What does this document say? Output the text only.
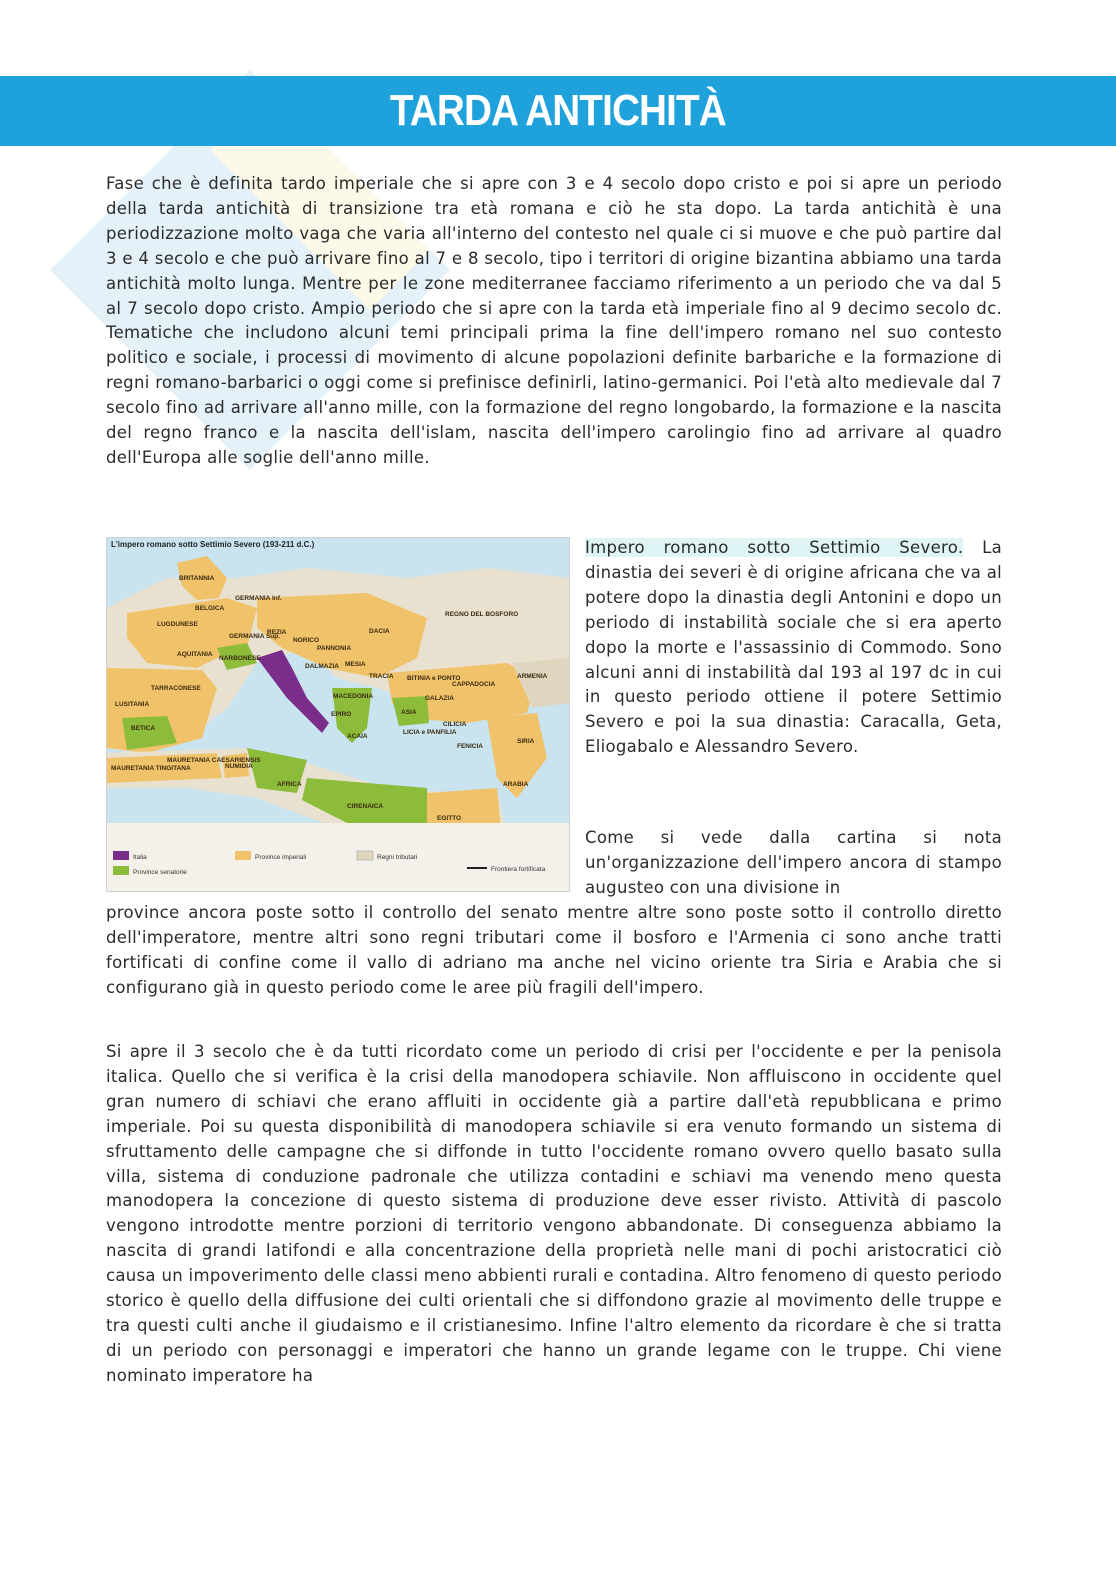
TARDA ANTICHITÀ

Fase che è definita tardo imperiale che si apre con 3 e 4 secolo dopo cristo e poi si apre un periodo della tarda antichità di transizione tra età romana e ciò he sta dopo. La tarda antichità è una periodizzazione molto vaga che varia all'interno del contesto nel quale ci si muove e che può partire dal 3 e 4 secolo e che può arrivare fino al 7 e 8 secolo, tipo i territori di origine bizantina abbiamo una tarda antichità molto lunga. Mentre per le zone mediterranee facciamo riferimento a un periodo che va dal 5 al 7 secolo dopo cristo. Ampio periodo che si apre con la tarda età imperiale fino al 9 decimo secolo dc. Tematiche che includono alcuni temi principali prima la fine dell'impero romano nel suo contesto politico e sociale, i processi di movimento di alcune popolazioni definite barbariche e la formazione di regni romano-barbarici o oggi come si prefinisce definirli, latino-germanici. Poi l'età alto medievale dal 7 secolo fino ad arrivare all'anno mille, con la formazione del regno longobardo, la formazione e la nascita del regno franco e la nascita dell'islam, nascita dell'impero carolingio fino ad arrivare al quadro dell'Europa alle soglie dell'anno mille.

Italia
Province senatorie
Province imperiali	Regni tributari
Frontiera fortificata
BRITANNIA
BELGICA
GERMANIA Inf.
LUGDUNESE
GERMANIA Sup.
REZIA
NORICO
PANNONIA
DACIA
AQUITANIA
NARBONESE
DALMAZIA MESIA
TRACIA
TARRACONESE
LUSITANIA
BETICA
MACEDONIA
EPIRO
ACAIA
BITINIA e PONTO
GALAZIA
CAPPADOCIA
ARMENIA
ASIA
LICIA e PANFILIA
CILICIA
SIRIA
FENICIA
ARABIA
REGNO DEL BOSFORO
MAURETANIA TINGITANA
MAURETANIA CAESARIENSIS
NUMIDIA
AFRICA
CIRENAICA
EGITTO
L'impero romano sotto Settimio Severo (193-211 d.C.)	Impero romano sotto Settimio Severo. La dinastia dei severi è di origine africana che va al potere dopo la dinastia degli Antonini e dopo un periodo di instabilità sociale che si era aperto dopo la morte e l'assassinio di Commodo. Sono alcuni anni di instabilità dal 193 al 197 dc in cui in questo periodo ottiene il potere Settimio Severo e poi la sua dinastia: Caracalla, Geta, Eliogabalo e Alessandro Severo.
Come si vede dalla cartina si nota un'organizzazione dell'impero ancora di stampo augusteo con una divisione in

province ancora poste sotto il controllo del senato mentre altre sono poste sotto il controllo diretto dell'imperatore, mentre altri sono regni tributari come il bosforo e l'Armenia ci sono anche tratti fortificati di confine come il vallo di adriano ma anche nel vicino oriente tra Siria e Arabia che si configurano già in questo periodo come le aree più fragili dell'impero.

Si apre il 3 secolo che è da tutti ricordato come un periodo di crisi per l'occidente e per la penisola italica. Quello che si verifica è la crisi della manodopera schiavile. Non affluiscono in occidente quel gran numero di schiavi che erano affluiti in occidente già a partire dall'età repubblicana e primo imperiale. Poi su questa disponibilità di manodopera schiavile si era venuto formando un sistema di sfruttamento delle campagne che si diffonde in tutto l'occidente romano ovvero quello basato sulla villa, sistema di conduzione padronale che utilizza contadini e schiavi ma venendo meno questa manodopera la concezione di questo sistema di produzione deve esser rivisto. Attività di pascolo vengono introdotte mentre porzioni di territorio vengono abbandonate. Di conseguenza abbiamo la nascita di grandi latifondi e alla concentrazione della proprietà nelle mani di pochi aristocratici ciò causa un impoverimento delle classi meno abbienti rurali e contadina. Altro fenomeno di questo periodo storico è quello della diffusione dei culti orientali che si diffondono grazie al movimento delle truppe e tra questi culti anche il giudaismo e il cristianesimo. Infine l'altro elemento da ricordare è che si tratta di un periodo con personaggi e imperatori che hanno un grande legame con le truppe. Chi viene nominato imperatore ha
